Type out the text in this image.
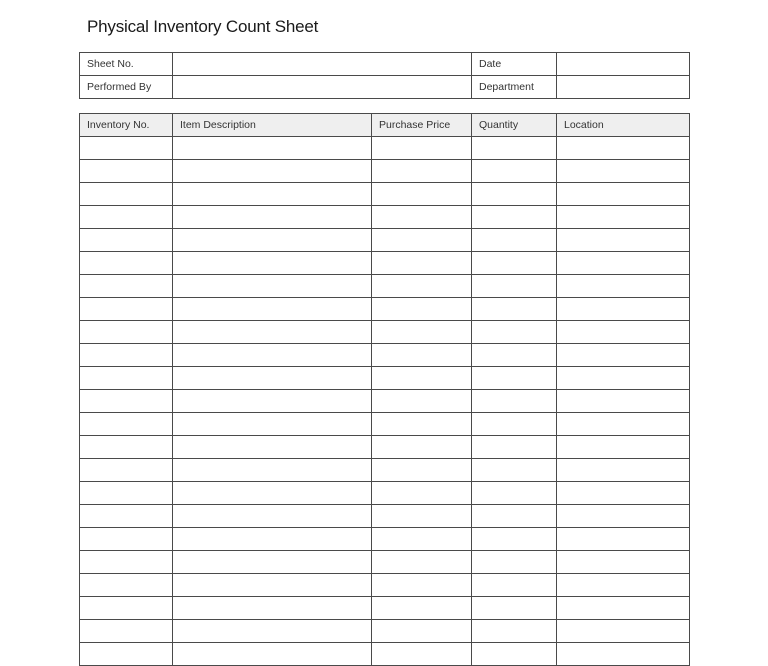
Physical Inventory Count Sheet
Sheet No.		Date	
Performed By		Department	
Inventory No.	Item Description	Purchase Price	Quantity	Location
